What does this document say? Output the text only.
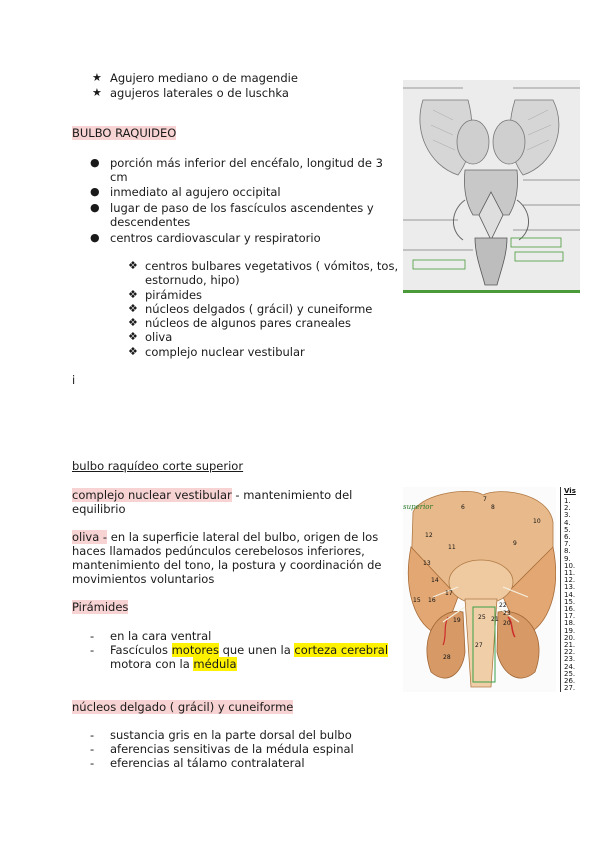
★ Agujero mediano o de magendie
★ agujeros laterales o de luschka
BULBO RAQUIDEO
● porción más inferior del encéfalo, longitud de 3 cm
● inmediato al agujero occipital
● lugar de paso de los fascículos ascendentes y descendentes
● centros cardiovascular y respiratorio
❖ centros bulbares vegetativos ( vómitos, tos, estornudo, hipo)
❖ pirámides
❖ núcleos delgados ( grácil) y cuneiforme
❖ núcleos de algunos pares craneales
❖ oliva
❖ complejo nuclear vestibular
i
bulbo raquídeo corte superior
complejo nuclear vestibular - mantenimiento del
equilibrio
oliva - en la superficie lateral del bulbo, origen de los
haces llamados pedúnculos cerebelosos inferiores,
mantenimiento del tono, la postura y coordinación de
movimientos voluntarios
Pirámides
- en la cara ventral
- Fascículos motores que unen la corteza cerebral
motora con la médula
núcleos delgado ( grácil) y cuneiforme
- sustancia gris en la parte dorsal del bulbo
- aferencias sensitivas de la médula espinal
- eferencias al tálamo contralateral
6
7
8
10
12
11
13
9
14
15 16
17
25 21
22
23
20
19
27
28
superior
Vis
1.
2.
3.
4.
5.
6.
7.
8.
9.
10.
11.
12.
13.
14.
15.
16.
17.
18.
19.
20.
21.
22.
23.
24.
25.
26.
27.
